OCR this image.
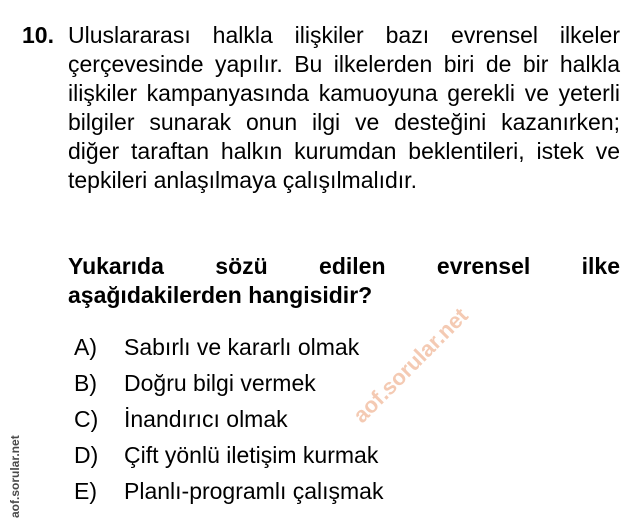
10. Uluslararası halkla ilişkiler bazı evrensel ilkeler çerçevesinde yapılır. Bu ilkelerden biri de bir halkla ilişkiler kampanyasında kamuoyuna gerekli ve yeterli bilgiler sunarak onun ilgi ve desteğini kazanırken; diğer taraftan halkın kurumdan beklentileri, istek ve tepkileri anlaşılmaya çalışılmalıdır.

Yukarıda sözü edilen evrensel ilke aşağıdakilerden hangisidir?

A) Sabırlı ve kararlı olmak
B) Doğru bilgi vermek
C) İnandırıcı olmak
D) Çift yönlü iletişim kurmak
E) Planlı-programlı çalışmak
aof.sorular.net
aof.sorular.net
